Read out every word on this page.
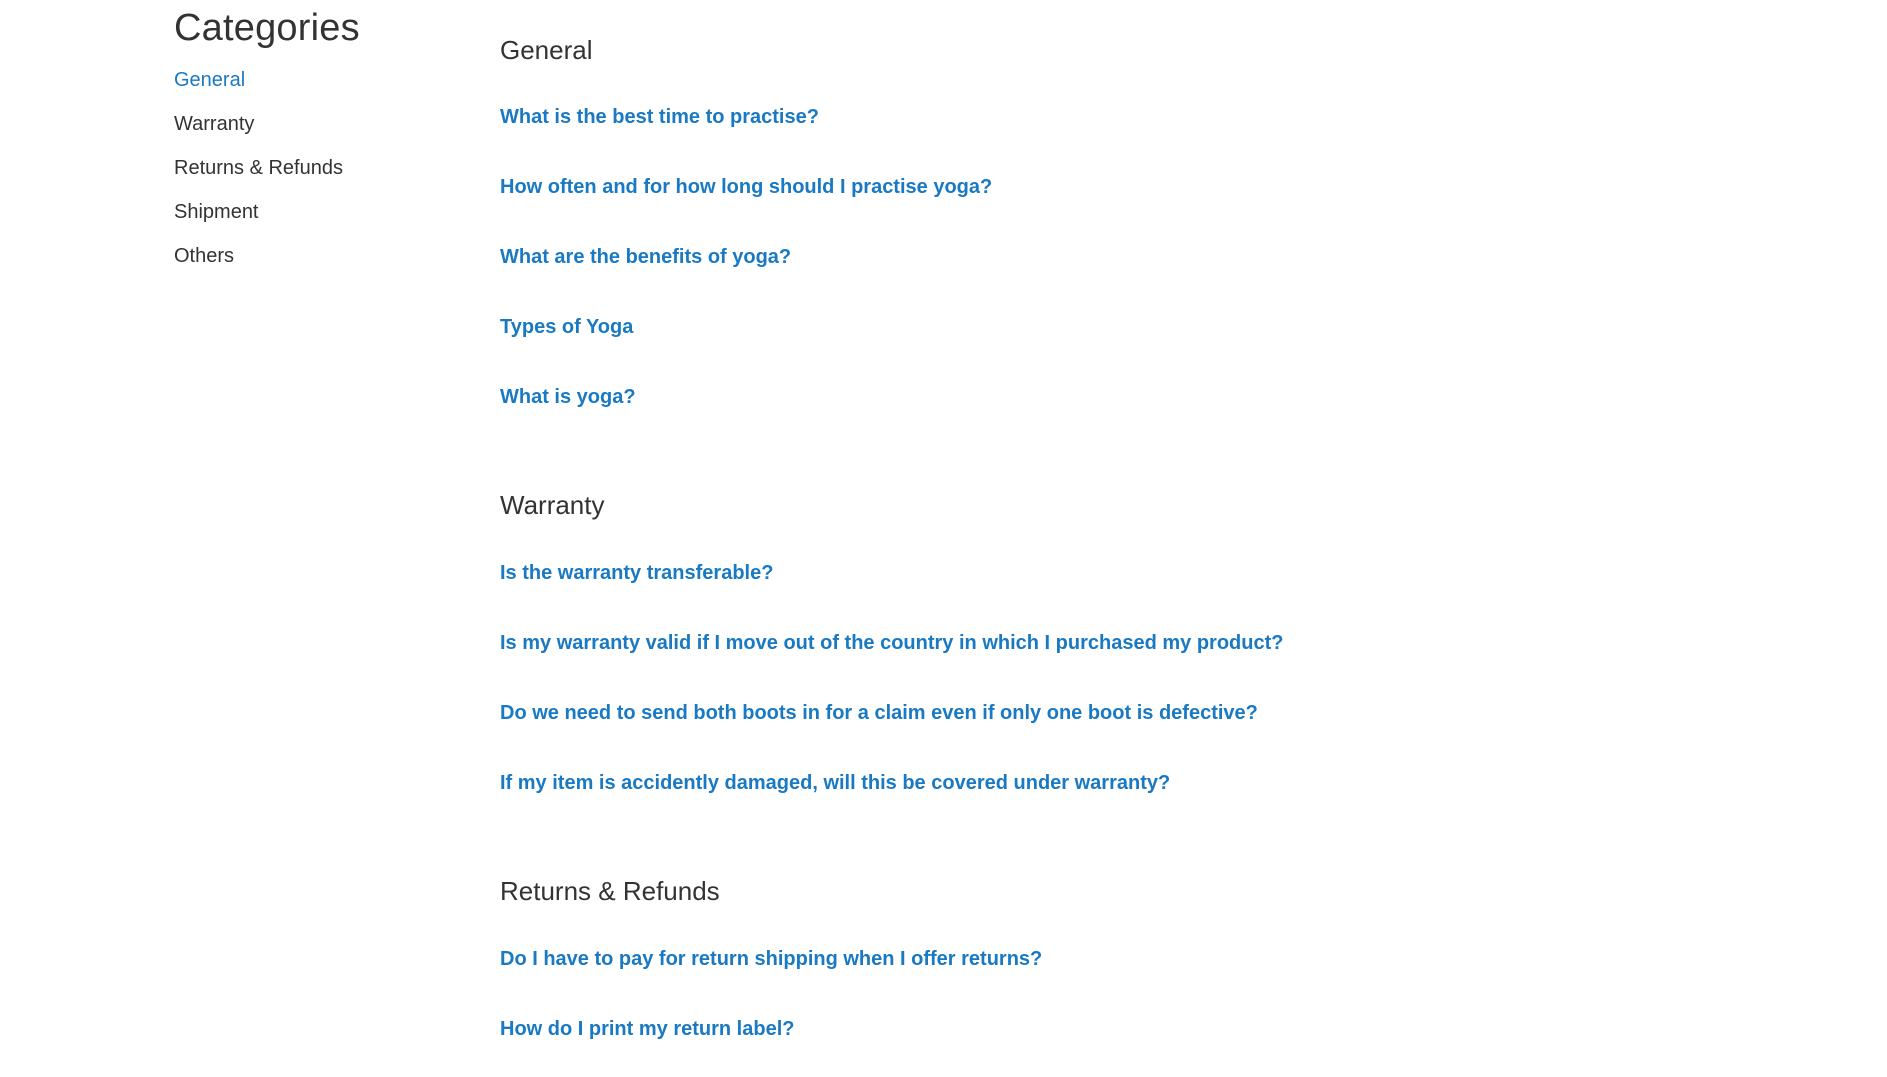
Categories
General
Warranty
Returns & Refunds
Shipment
Others
General
What is the best time to practise?
How often and for how long should I practise yoga?
What are the benefits of yoga?
Types of Yoga
What is yoga?
Warranty
Is the warranty transferable?
Is my warranty valid if I move out of the country in which I purchased my product?
Do we need to send both boots in for a claim even if only one boot is defective?
If my item is accidently damaged, will this be covered under warranty?
Returns & Refunds
Do I have to pay for return shipping when I offer returns?
How do I print my return label?
